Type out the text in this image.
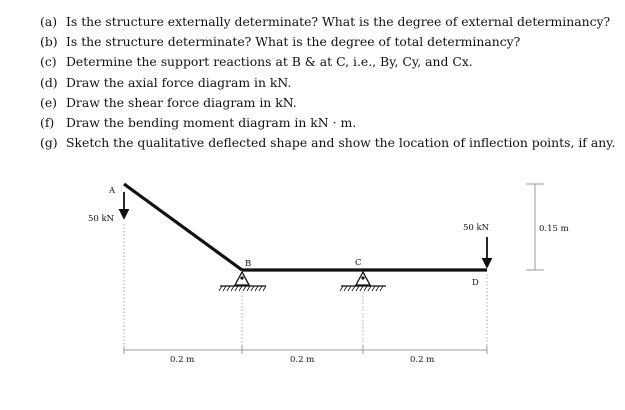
(a) Is the structure externally determinate? What is the degree of external determinancy?
(b) Is the structure determinate? What is the degree of total determinancy?
(c) Determine the support reactions at B & at C, i.e., By, Cy, and Cx.
(d) Draw the axial force diagram in kN.
(e) Draw the shear force diagram in kN.
(f) Draw the bending moment diagram in kN · m.
(g) Sketch the qualitative deflected shape and show the location of inflection points, if any.
A
50 kN
B	C
50 kN
D
0.15 m
0.2 m	0.2 m	0.2 m
